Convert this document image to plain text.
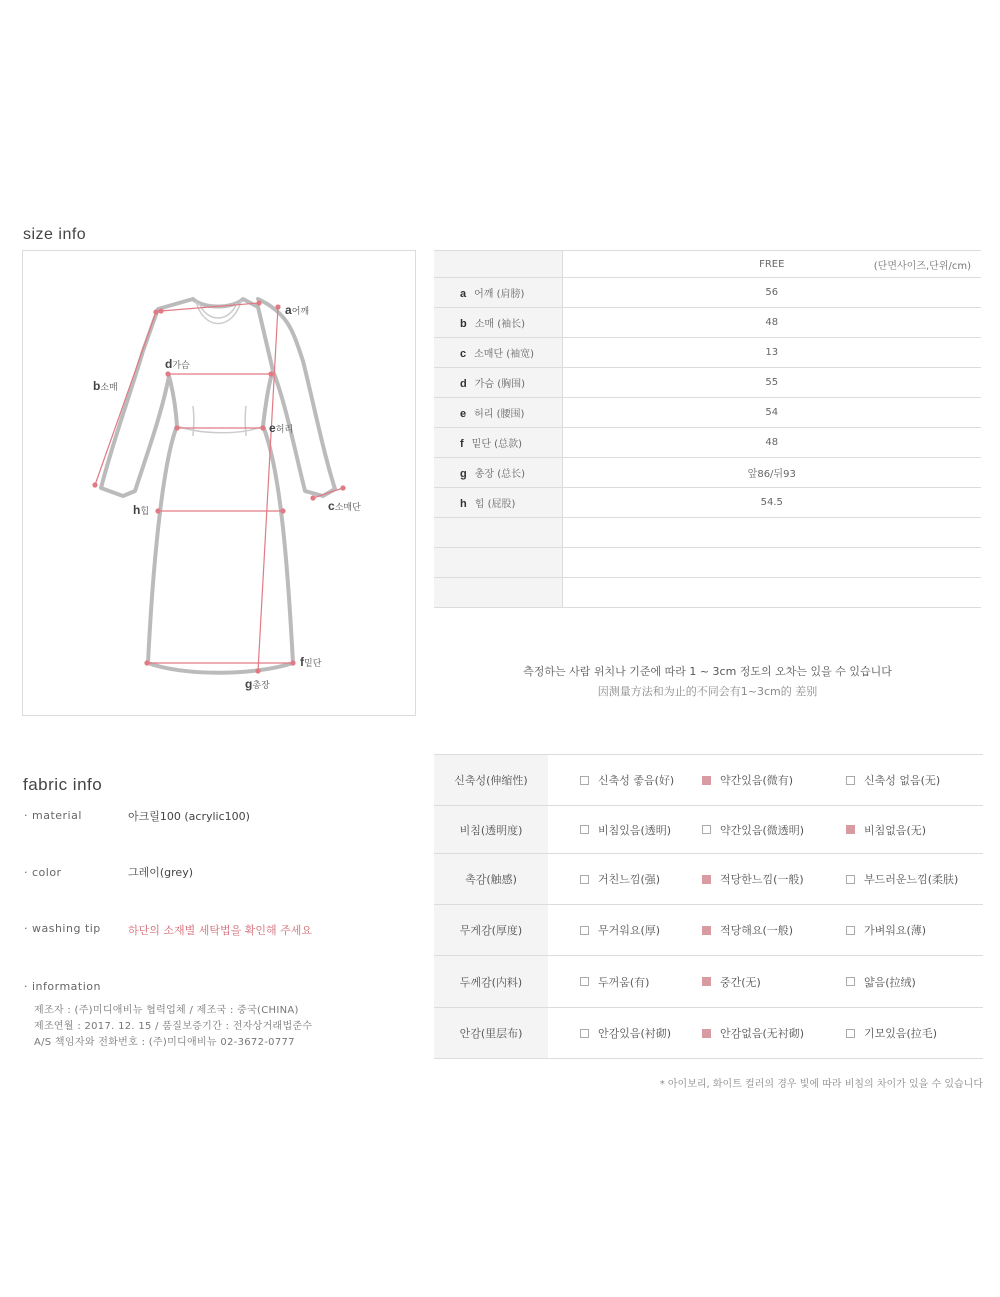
size info
a어깨
b소매
c소매단
d가슴
e허리
f밑단
g총장
h힙
	FREE (단면사이즈,단위/cm)

a 어깨 (肩膀)	56
b 소매 (袖长)	48
c 소매단 (袖宽)	13
d 가슴 (胸围)	55
e 허리 (腰围)	54
f 밑단 (总款)	48
g 총장 (总长)	앞86/뒤93
h 힙 (屁股)	54.5

측정하는 사람 위치나 기준에 따라 1 ~ 3cm 정도의 오차는 있을 수 있습니다
因测量方法和为止的不同会有1~3cm的 差别
fabric info
· material	아크릴100 (acrylic100)
· color	그레이(grey)
· washing tip 하단의 소재별 세탁법을 확인해 주세요
· information
제조자 : (주)미디애비뉴 협력업체 / 제조국 : 중국(CHINA)
제조연월 : 2017. 12. 15 / 품질보증기간 : 전자상거래법준수
A/S 책임자와 전화번호 : (주)미디애비뉴 02-3672-0777
신축성(伸缩性)	신축성 좋음(好)	약간있음(微有)	신축성 없음(无)

비침(透明度)	비침있음(透明)	약간있음(微透明)	비침없음(无)

촉감(触感)	거친느낌(强)	적당한느낌(一般)	부드러운느낌(柔肤)

무게감(厚度)	무거워요(厚)	적당해요(一般)	가벼워요(薄)

두께감(内料)	두꺼움(有)	중간(无)	얇음(拉绒)

안감(里层布)	안감있음(衬砌)	안감없음(无衬砌)	기모있음(拉毛)
* 아이보리, 화이트 컬러의 경우 빛에 따라 비침의 차이가 있을 수 있습니다
